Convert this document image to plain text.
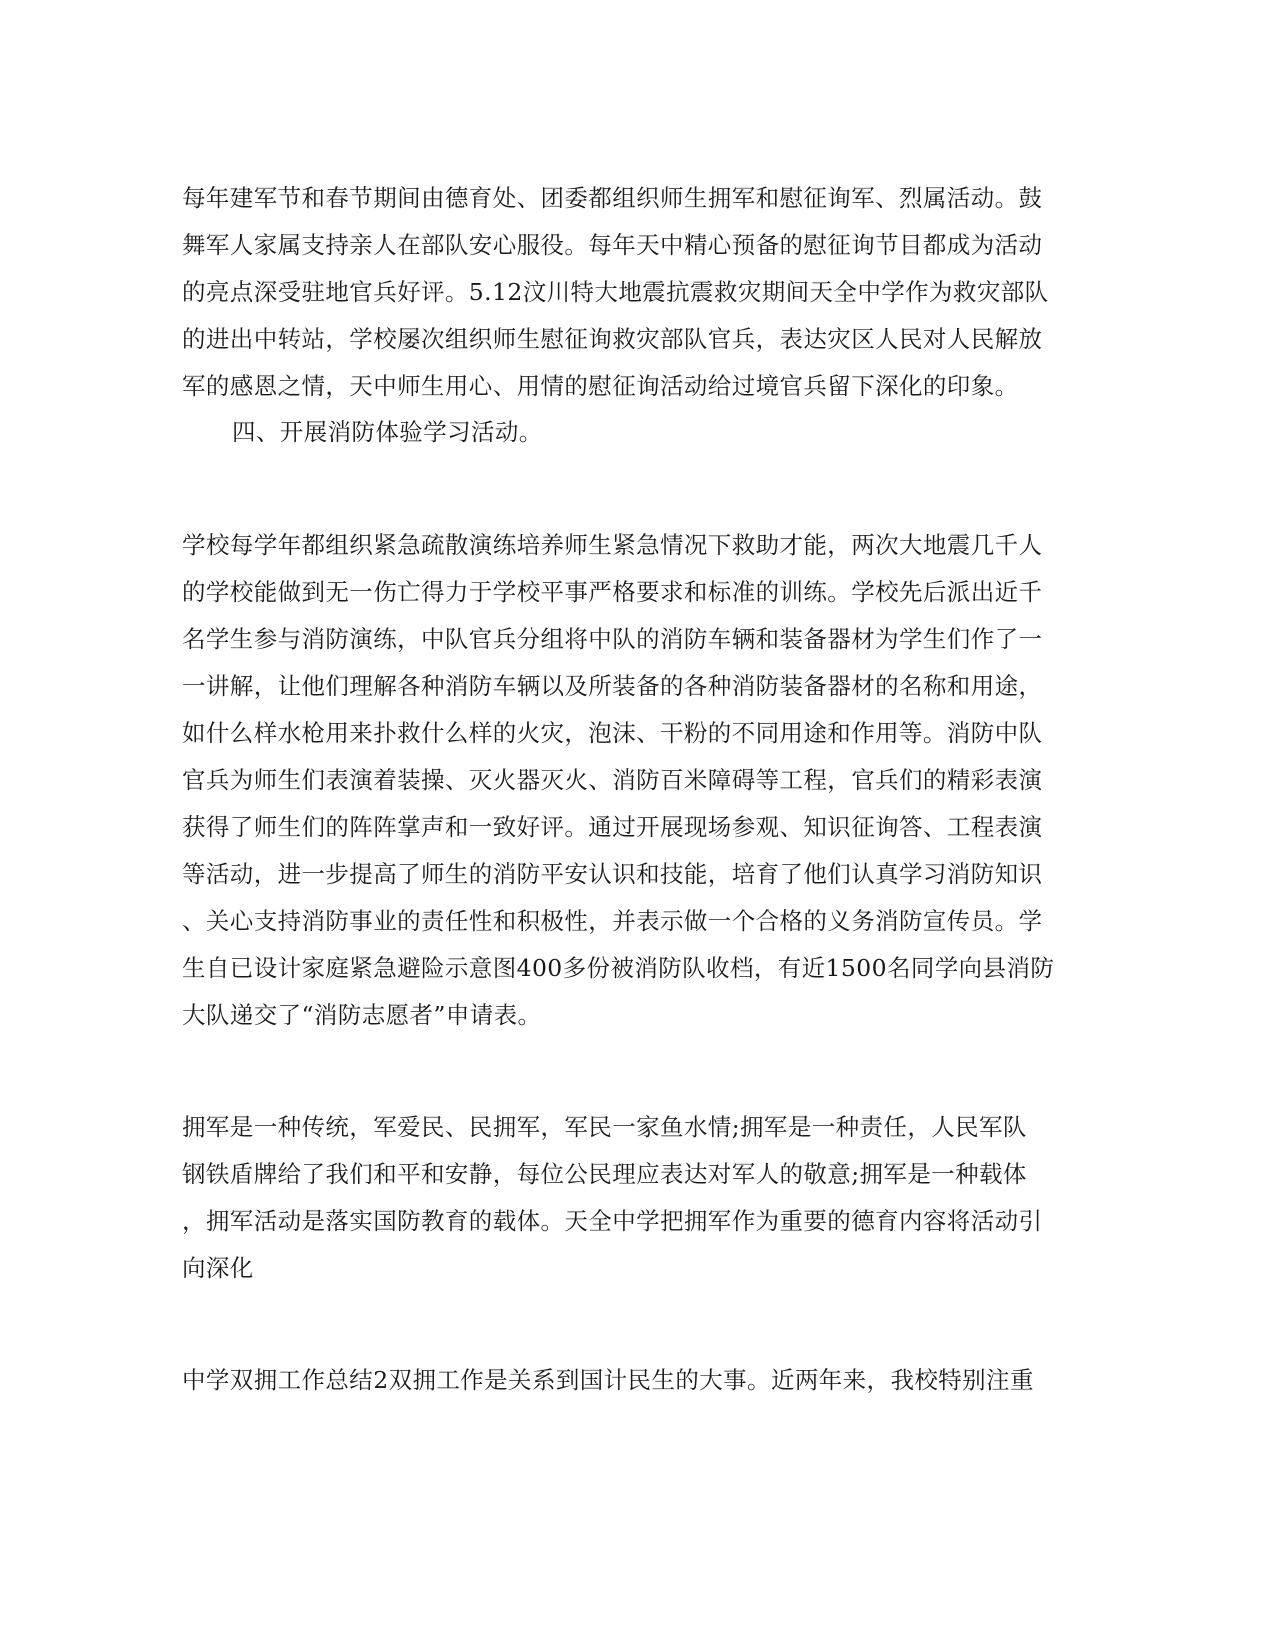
每年建军节和春节期间由德育处、团委都组织师生拥军和慰征询军、烈属活动。鼓
舞军人家属支持亲人在部队安心服役。每年天中精心预备的慰征询节目都成为活动
的亮点深受驻地官兵好评。5.12汶川特大地震抗震救灾期间天全中学作为救灾部队
的进出中转站，学校屡次组织师生慰征询救灾部队官兵，表达灾区人民对人民解放
军的感恩之情，天中师生用心、用情的慰征询活动给过境官兵留下深化的印象。
四、开展消防体验学习活动。
学校每学年都组织紧急疏散演练培养师生紧急情况下救助才能，两次大地震几千人
的学校能做到无一伤亡得力于学校平事严格要求和标准的训练。学校先后派出近千
名学生参与消防演练，中队官兵分组将中队的消防车辆和装备器材为学生们作了一
一讲解，让他们理解各种消防车辆以及所装备的各种消防装备器材的名称和用途，
如什么样水枪用来扑救什么样的火灾，泡沫、干粉的不同用途和作用等。消防中队
官兵为师生们表演着装操、灭火器灭火、消防百米障碍等工程，官兵们的精彩表演
获得了师生们的阵阵掌声和一致好评。通过开展现场参观、知识征询答、工程表演
等活动，进一步提高了师生的消防平安认识和技能，培育了他们认真学习消防知识
、关心支持消防事业的责任性和积极性，并表示做一个合格的义务消防宣传员。学
生自已设计家庭紧急避险示意图400多份被消防队收档，有近1500名同学向县消防
大队递交了“消防志愿者”申请表。
拥军是一种传统，军爱民、民拥军，军民一家鱼水情;拥军是一种责任，人民军队
钢铁盾牌给了我们和平和安静，每位公民理应表达对军人的敬意;拥军是一种载体
，拥军活动是落实国防教育的载体。天全中学把拥军作为重要的德育内容将活动引
向深化
中学双拥工作总结2双拥工作是关系到国计民生的大事。近两年来，我校特别注重
